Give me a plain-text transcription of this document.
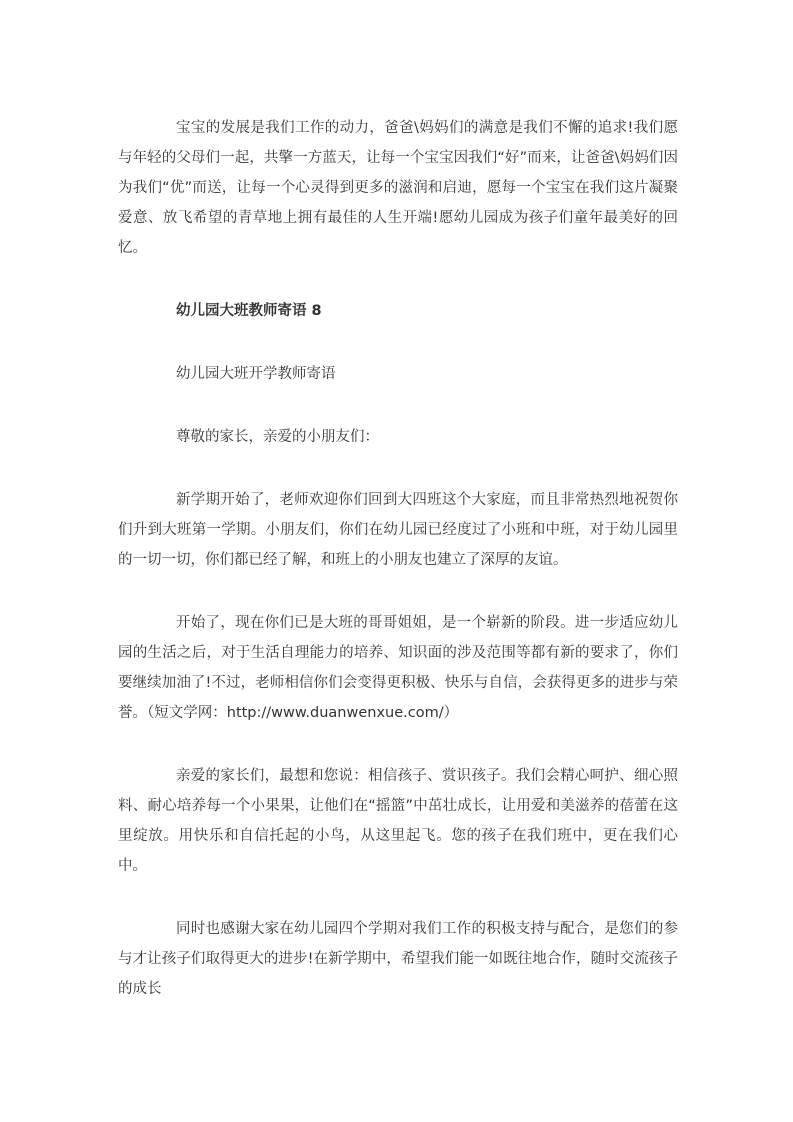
宝宝的发展是我们工作的动力，爸爸\妈妈们的满意是我们不懈的追求!我们愿与年轻的父母们一起，共擎一方蓝天，让每一个宝宝因我们“好”而来，让爸爸\妈妈们因为我们“优”而送，让每一个心灵得到更多的滋润和启迪，愿每一个宝宝在我们这片凝聚爱意、放飞希望的青草地上拥有最佳的人生开端!愿幼儿园成为孩子们童年最美好的回忆。

幼儿园大班教师寄语 8

幼儿园大班开学教师寄语

尊敬的家长，亲爱的小朋友们：

新学期开始了，老师欢迎你们回到大四班这个大家庭，而且非常热烈地祝贺你们升到大班第一学期。小朋友们，你们在幼儿园已经度过了小班和中班，对于幼儿园里的一切一切，你们都已经了解，和班上的小朋友也建立了深厚的友谊。

开始了，现在你们已是大班的哥哥姐姐，是一个崭新的阶段。进一步适应幼儿园的生活之后，对于生活自理能力的培养、知识面的涉及范围等都有新的要求了，你们要继续加油了!不过，老师相信你们会变得更积极、快乐与自信，会获得更多的进步与荣誉。（短文学网：http://www.duanwenxue.com/）

亲爱的家长们，最想和您说：相信孩子、赏识孩子。我们会精心呵护、细心照料、耐心培养每一个小果果，让他们在“摇篮”中茁壮成长，让用爱和美滋养的蓓蕾在这里绽放。用快乐和自信托起的小鸟，从这里起飞。您的孩子在我们班中，更在我们心中。

同时也感谢大家在幼儿园四个学期对我们工作的积极支持与配合，是您们的参与才让孩子们取得更大的进步!在新学期中，希望我们能一如既往地合作，随时交流孩子的成长
